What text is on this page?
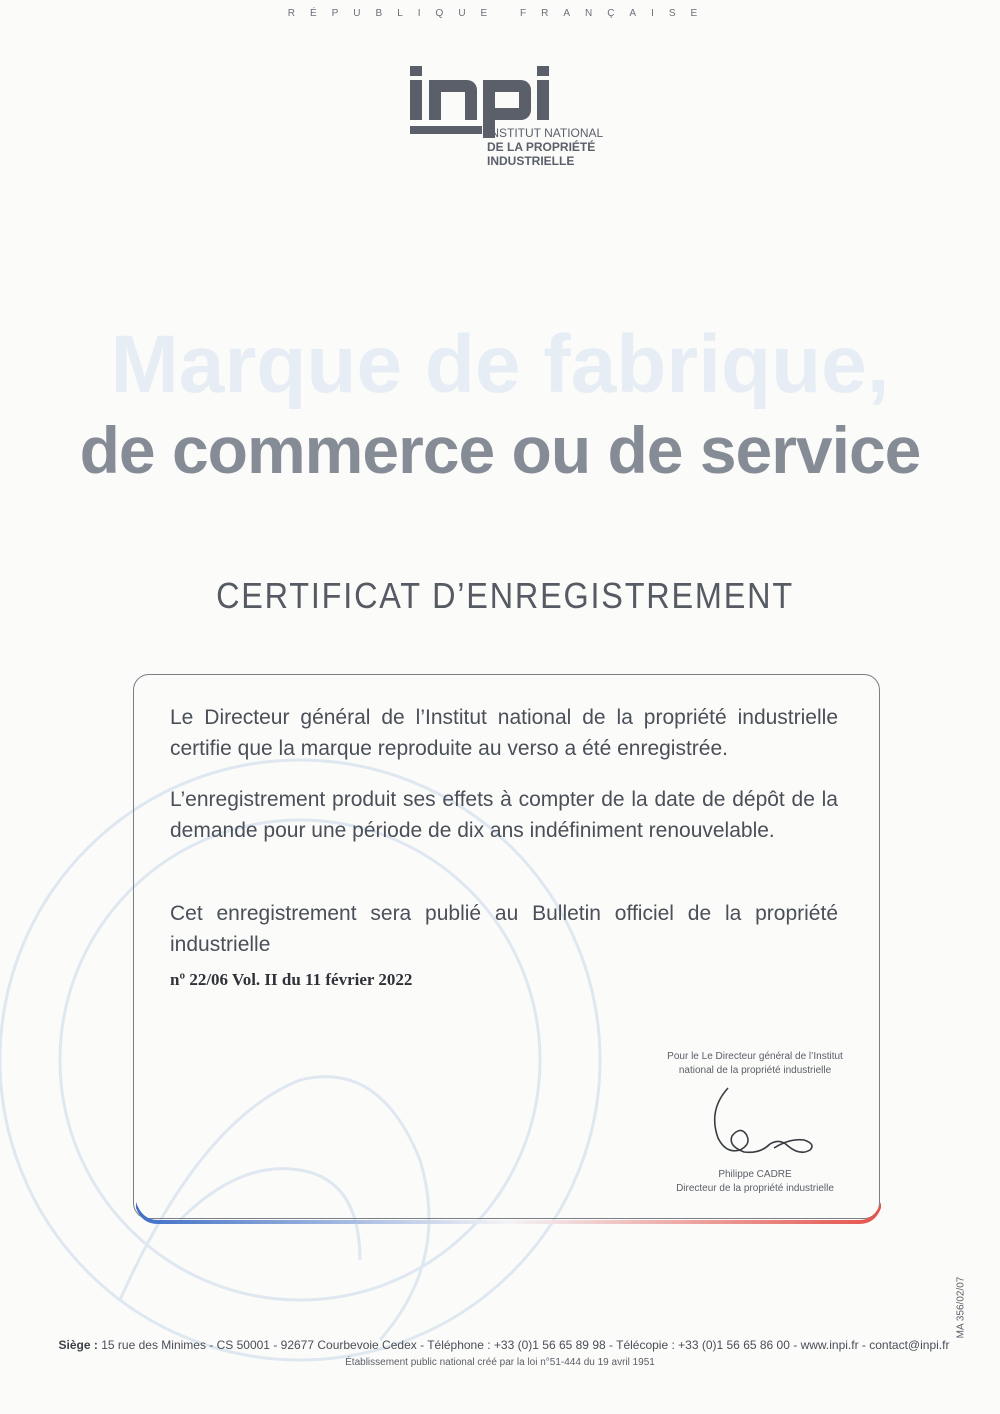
RÉPUBLIQUE FRANÇAISE
INSTITUT NATIONAL
DE LA PROPRIÉTÉ
INDUSTRIELLE
Marque de fabrique,
de commerce ou de service
CERTIFICAT D’ENREGISTREMENT
Le Directeur général de l’Institut national de la propriété industrielle certifie que la marque reproduite au verso a été enregistrée.
L’enregistrement produit ses effets à compter de la date de dépôt de la demande pour une période de dix ans indéfiniment renouvelable.
Cet enregistrement sera publié au Bulletin officiel de la propriété industrielle
nº 22/06 Vol. II du 11 février 2022
Pour le Le Directeur général de l’Institut
national de la propriété industrielle
Philippe CADRE
Directeur de la propriété industrielle
MA 356/02/07
Siège : 15 rue des Minimes - CS 50001 - 92677 Courbevoie Cedex - Téléphone : +33 (0)1 56 65 89 98 - Télécopie : +33 (0)1 56 65 86 00 - www.inpi.fr - contact@inpi.fr
Établissement public national créé par la loi n°51-444 du 19 avril 1951
